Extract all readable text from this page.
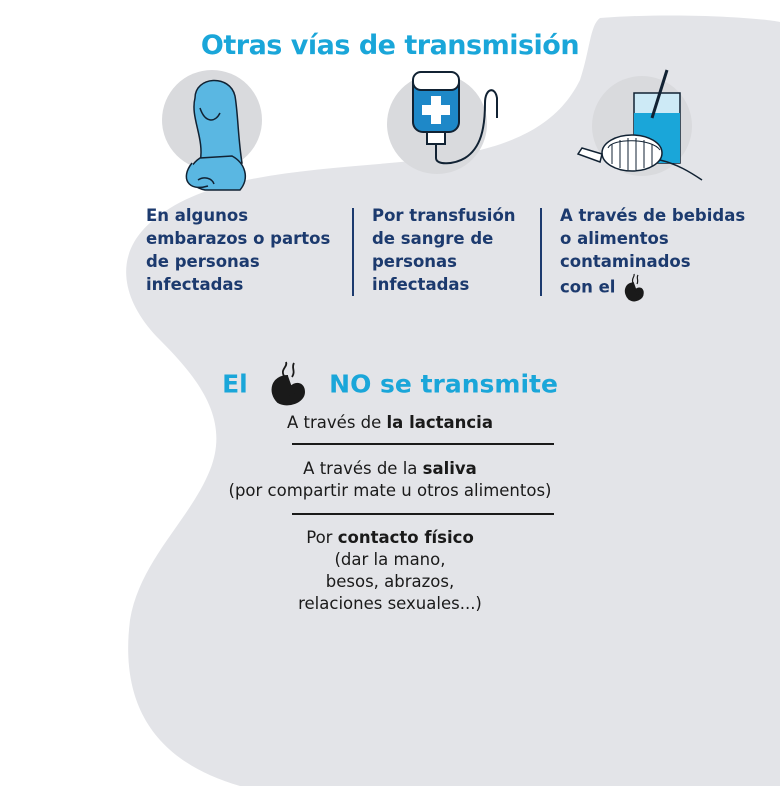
Otras vías de transmisión
En algunos
embarazos o partos
de personas
infectadas
Por transfusión
de sangre de
personas
infectadas
A través de bebidas
o alimentos
contaminados
con el
El	NO se transmite
A través de la lactancia
A través de la saliva
(por compartir mate u otros alimentos)
Por contacto físico
(dar la mano,
besos, abrazos,
relaciones sexuales...)
